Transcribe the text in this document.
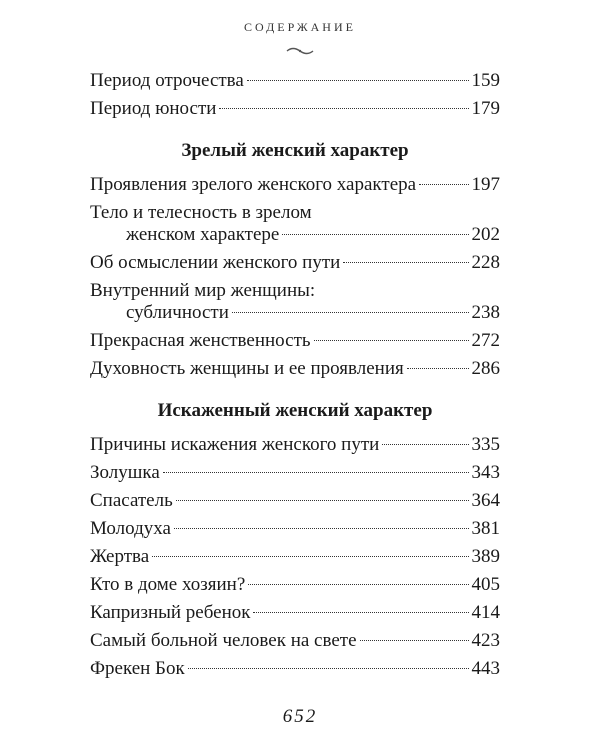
СОДЕРЖАНИЕ
Период отрочества	159
Период юности	179
Зрелый женский характер
Проявления зрелого женского характера	197
Тело и телесность в зрелом
женском характере	202
Об осмыслении женского пути	228
Внутренний мир женщины:
субличности	238
Прекрасная женственность	272
Духовность женщины и ее проявления	286
Искаженный женский характер
Причины искажения женского пути	335
Золушка	343
Спасатель	364
Молодуха	381
Жертва	389
Кто в доме хозяин?	405
Капризный ребенок	414
Самый больной человек на свете	423
Фрекен Бок	443
652
